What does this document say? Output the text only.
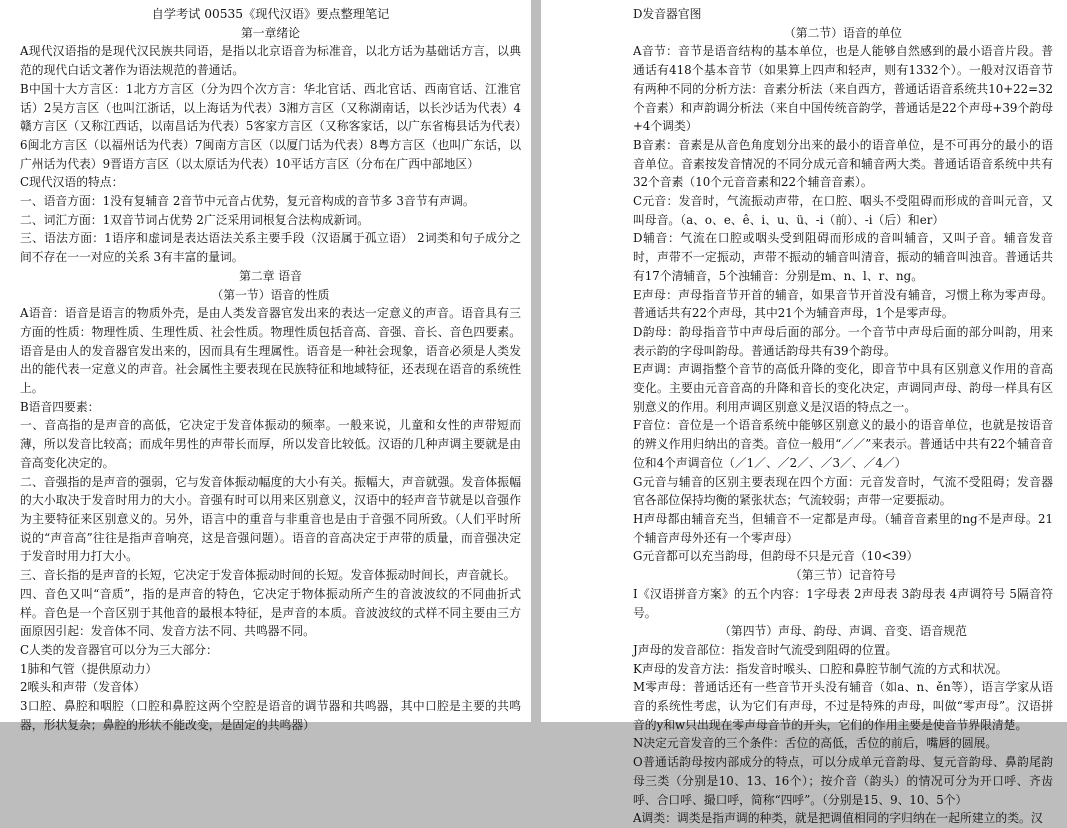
自学考试 00535《现代汉语》要点整理笔记

第一章绪论

A现代汉语指的是现代汉民族共同语，是指以北京语音为标准音，以北方话为基础话方言，以典范的现代白话文著作为语法规范的普通话。

B中国十大方言区：1北方方言区（分为四个次方言：华北官话、西北官话、西南官话、江淮官话）2吴方言区（也叫江浙话，以上海话为代表）3湘方言区（又称湖南话，以长沙话为代表）4赣方言区（又称江西话，以南昌话为代表）5客家方言区（又称客家话，以广东省梅县话为代表）6闽北方言区（以福州话为代表）7闽南方言区（以厦门话为代表）8粤方言区（也叫广东话，以广州话为代表）9晋语方言区（以太原话为代表）10平话方言区（分布在广西中部地区）

C现代汉语的特点：

一、语音方面：1没有复辅音 2音节中元音占优势，复元音构成的音节多 3音节有声调。

二、词汇方面：1双音节词占优势 2广泛采用词根复合法构成新词。

三、语法方面：1语序和虚词是表达语法关系主要手段（汉语属于孤立语） 2词类和句子成分之间不存在一一对应的关系 3有丰富的量词。

第二章 语音

（第一节）语音的性质

A语音：语音是语言的物质外壳，是由人类发音器官发出来的表达一定意义的声音。语音具有三方面的性质：物理性质、生理性质、社会性质。物理性质包括音高、音强、音长、音色四要素。语音是由人的发音器官发出来的，因而具有生理属性。语音是一种社会现象，语音必须是人类发出的能代表一定意义的声音。社会属性主要表现在民族特征和地域特征，还表现在语音的系统性上。

B语音四要素：

一、音高指的是声音的高低，它决定于发音体振动的频率。一般来说，儿童和女性的声带短而薄，所以发音比较高；而成年男性的声带长而厚，所以发音比较低。汉语的几种声调主要就是由音高变化决定的。

二、音强指的是声音的强弱，它与发音体振动幅度的大小有关。振幅大，声音就强。发音体振幅的大小取决于发音时用力的大小。音强有时可以用来区别意义，汉语中的轻声音节就是以音强作为主要特征来区别意义的。另外，语言中的重音与非重音也是由于音强不同所致。（人们平时所说的“声音高”往往是指声音响亮，这是音强问题）。语音的音高决定于声带的质量，而音强决定于发音时用力打大小。

三、音长指的是声音的长短，它决定于发音体振动时间的长短。发音体振动时间长，声音就长。

四、音色又叫“音质”，指的是声音的特色，它决定于物体振动所产生的音波波纹的不同曲折式样。音色是一个音区别于其他音的最根本特征，是声音的本质。音波波纹的式样不同主要由三方面原因引起：发音体不同、发音方法不同、共鸣器不同。

C人类的发音器官可以分为三大部分：

1肺和气管（提供原动力）

2喉头和声带（发音体）

3口腔、鼻腔和咽腔（口腔和鼻腔这两个空腔是语音的调节器和共鸣器，其中口腔是主要的共鸣器，形状复杂；鼻腔的形状不能改变，是固定的共鸣器）

D发音器官图

（第二节）语音的单位

A音节：音节是语音结构的基本单位，也是人能够自然感到的最小语音片段。普通话有418个基本音节（如果算上四声和轻声，则有1332个）。一般对汉语音节有两种不同的分析方法：音素分析法（来自西方，普通话语音系统共10+22=32个音素）和声韵调分析法（来自中国传统音韵学，普通话是22个声母+39个韵母+4个调类）

B音素：音素是从音色角度划分出来的最小的语音单位，是不可再分的最小的语音单位。音素按发音情况的不同分成元音和辅音两大类。普通话语音系统中共有32个音素（10个元音音素和22个辅音音素）。

C元音：发音时，气流振动声带，在口腔、咽头不受阻碍而形成的音叫元音，又叫母音。（a、o、e、ê、i、u、ü、-i（前）、-i（后）和er）

D辅音：气流在口腔或咽头受到阻碍而形成的音叫辅音，又叫子音。辅音发音时，声带不一定振动，声带不振动的辅音叫清音，振动的辅音叫浊音。普通话共有17个清辅音，5个浊辅音：分别是m、n、l、r、ng。

E声母：声母指音节开首的辅音，如果音节开首没有辅音，习惯上称为零声母。普通话共有22个声母，其中21个为辅音声母，1个是零声母。

D韵母：韵母指音节中声母后面的部分。一个音节中声母后面的部分叫韵，用来表示韵的字母叫韵母。普通话韵母共有39个韵母。

E声调：声调指整个音节的高低升降的变化，即音节中具有区别意义作用的音高变化。主要由元音音高的升降和音长的变化决定，声调同声母、韵母一样具有区别意义的作用。利用声调区别意义是汉语的特点之一。

F音位：音位是一个语音系统中能够区别意义的最小的语音单位，也就是按语音的辨义作用归纳出的音类。音位一般用“／／”来表示。普通话中共有22个辅音音位和4个声调音位（／1／、／2／、／3／、／4／）

G元音与辅音的区别主要表现在四个方面：元音发音时，气流不受阻碍；发音器官各部位保持均衡的紧张状态；气流较弱；声带一定要振动。

H声母都由辅音充当，但辅音不一定都是声母。（辅音音素里的ng不是声母。21个辅音声母外还有一个零声母）

G元音都可以充当韵母，但韵母不只是元音（10<39）

（第三节）记音符号

I《汉语拼音方案》的五个内容：1字母表 2声母表 3韵母表 4声调符号 5隔音符号。

（第四节）声母、韵母、声调、音变、语音规范

J声母的发音部位：指发音时气流受到阻碍的位置。

K声母的发音方法：指发音时喉头、口腔和鼻腔节制气流的方式和状况。

M零声母：普通话还有一些音节开头没有辅音（如a、n、ěn等），语言学家从语音的系统性考虑，认为它们有声母，不过是特殊的声母，叫做“零声母”。汉语拼音的y和w只出现在零声母音节的开头，它们的作用主要是使音节界限清楚。

N决定元音发音的三个条件：舌位的高低，舌位的前后，嘴唇的圆展。

O普通话韵母按内部成分的特点，可以分成单元音韵母、复元音韵母、鼻韵尾韵母三类（分别是10、13、16个）；按介音（韵头）的情况可分为开口呼、齐齿呼、合口呼、撮口呼，简称“四呼”。（分别是15、9、10、5个）

A调类：调类是指声调的种类，就是把调值相同的字归纳在一起所建立的类。汉
